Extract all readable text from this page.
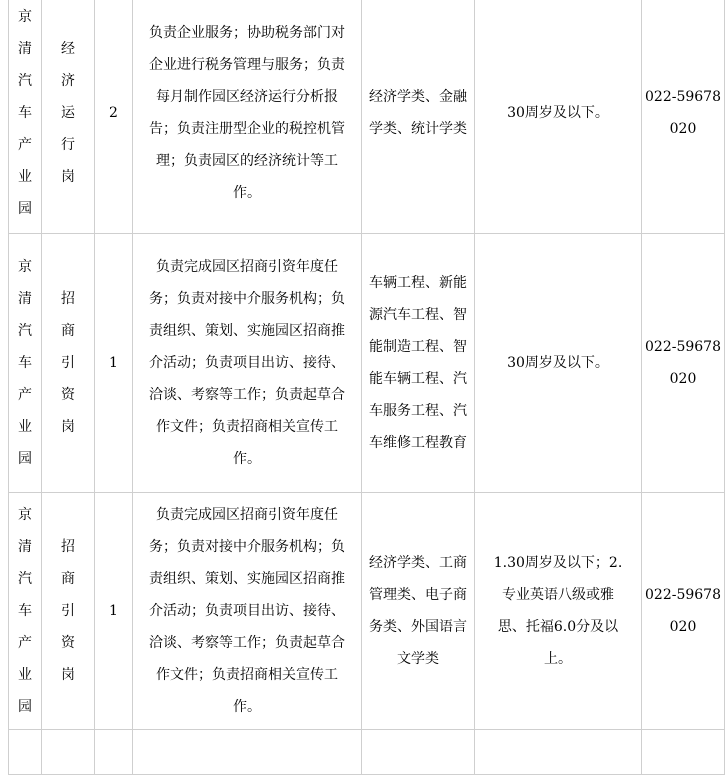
京清汽车产业园	经济运行岗	2	负责企业服务；协助税务部门对企业进行税务管理与服务；负责每月制作园区经济运行分析报告；负责注册型企业的税控机管理；负责园区的经济统计等工作。	经济学类、金融学类、统计学类	30周岁及以下。	022-59678020

京清汽车产业园	招商引资岗	1	负责完成园区招商引资年度任务；负责对接中介服务机构；负责组织、策划、实施园区招商推介活动；负责项目出访、接待、洽谈、考察等工作；负责起草合作文件；负责招商相关宣传工作。	车辆工程、新能源汽车工程、智能制造工程、智能车辆工程、汽车服务工程、汽车维修工程教育	30周岁及以下。	022-59678020

京清汽车产业园	招商引资岗	1	负责完成园区招商引资年度任务；负责对接中介服务机构；负责组织、策划、实施园区招商推介活动；负责项目出访、接待、洽谈、考察等工作；负责起草合作文件；负责招商相关宣传工作。	经济学类、工商管理类、电子商务类、外国语言文学类	1.30周岁及以下；2.专业英语八级或雅思、托福6.0分及以上。	022-59678020
